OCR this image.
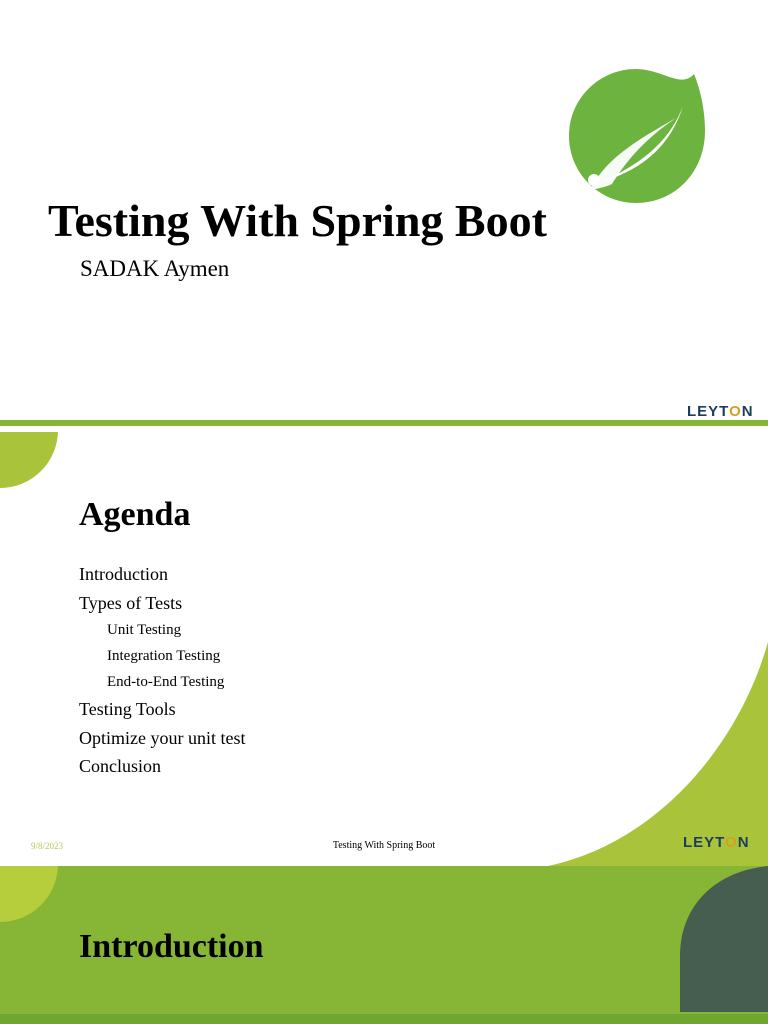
Testing With Spring Boot
SADAK Aymen
LEYTON
Agenda
Introduction
Types of Tests
Unit Testing
Integration Testing
End-to-End Testing
Testing Tools
Optimize your unit test
Conclusion
9/8/2023	Testing With Spring Boot	LEYTON
Introduction
